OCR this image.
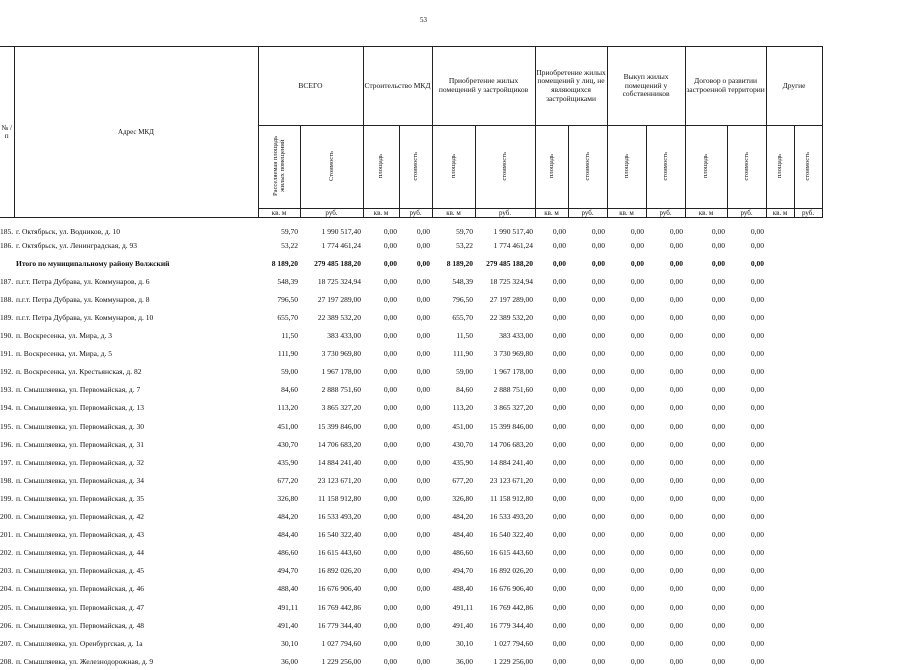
53
№ /п	Адрес МКД	ВСЕГО		Строительство МКД		Приобретение жилых помещений у застройщиков		Приобретение жилых помещений у лиц, не являющихся застройщиками		Выкуп жилых помещений у собственников		Договор о развитии застроенной территории		Другие	
		Расселяемая площадь жилых помещений	Стоимость	площадь	стоимость	площадь	стоимость	площадь	стоимость	площадь	стоимость	площадь	стоимость	площадь	стоимость
		кв. м	руб.	кв. м	руб.	кв. м	руб.	кв. м	руб.	кв. м	руб.	кв. м	руб.	кв. м	руб.
185.	г. Октябрьск, ул. Водников, д. 10	59,70	1 990 517,40	0,00	0,00	59,70	1 990 517,40	0,00	0,00	0,00	0,00	0,00	0,00		
186.	г. Октябрьск, ул. Ленинградская, д. 93	53,22	1 774 461,24	0,00	0,00	53,22	1 774 461,24	0,00	0,00	0,00	0,00	0,00	0,00		
	Итого по муниципальному району Волжский	8 189,20	279 485 188,20	0,00	0,00	8 189,20	279 485 188,20	0,00	0,00	0,00	0,00	0,00	0,00		
187.	п.г.т. Петра Дубрава, ул. Коммунаров, д. 6	548,39	18 725 324,94	0,00	0,00	548,39	18 725 324,94	0,00	0,00	0,00	0,00	0,00	0,00		
188.	п.г.т. Петра Дубрава, ул. Коммунаров, д. 8	796,50	27 197 289,00	0,00	0,00	796,50	27 197 289,00	0,00	0,00	0,00	0,00	0,00	0,00		
189.	п.г.т. Петра Дубрава, ул. Коммунаров, д. 10	655,70	22 389 532,20	0,00	0,00	655,70	22 389 532,20	0,00	0,00	0,00	0,00	0,00	0,00		
190.	п. Воскресенка, ул. Мира, д. 3	11,50	383 433,00	0,00	0,00	11,50	383 433,00	0,00	0,00	0,00	0,00	0,00	0,00		
191.	п. Воскресенка, ул. Мира, д. 5	111,90	3 730 969,80	0,00	0,00	111,90	3 730 969,80	0,00	0,00	0,00	0,00	0,00	0,00		
192.	п. Воскресенка, ул. Крестьянская, д. 82	59,00	1 967 178,00	0,00	0,00	59,00	1 967 178,00	0,00	0,00	0,00	0,00	0,00	0,00		
193.	п. Смышляевка, ул. Первомайская, д. 7	84,60	2 888 751,60	0,00	0,00	84,60	2 888 751,60	0,00	0,00	0,00	0,00	0,00	0,00		
194.	п. Смышляевка, ул. Первомайская, д. 13	113,20	3 865 327,20	0,00	0,00	113,20	3 865 327,20	0,00	0,00	0,00	0,00	0,00	0,00		
195.	п. Смышляевка, ул. Первомайская, д. 30	451,00	15 399 846,00	0,00	0,00	451,00	15 399 846,00	0,00	0,00	0,00	0,00	0,00	0,00		
196.	п. Смышляевка, ул. Первомайская, д. 31	430,70	14 706 683,20	0,00	0,00	430,70	14 706 683,20	0,00	0,00	0,00	0,00	0,00	0,00		
197.	п. Смышляевка, ул. Первомайская, д. 32	435,90	14 884 241,40	0,00	0,00	435,90	14 884 241,40	0,00	0,00	0,00	0,00	0,00	0,00		
198.	п. Смышляевка, ул. Первомайская, д. 34	677,20	23 123 671,20	0,00	0,00	677,20	23 123 671,20	0,00	0,00	0,00	0,00	0,00	0,00		
199.	п. Смышляевка, ул. Первомайская, д. 35	326,80	11 158 912,80	0,00	0,00	326,80	11 158 912,80	0,00	0,00	0,00	0,00	0,00	0,00		
200.	п. Смышляевка, ул. Первомайская, д. 42	484,20	16 533 493,20	0,00	0,00	484,20	16 533 493,20	0,00	0,00	0,00	0,00	0,00	0,00		
201.	п. Смышляевка, ул. Первомайская, д. 43	484,40	16 540 322,40	0,00	0,00	484,40	16 540 322,40	0,00	0,00	0,00	0,00	0,00	0,00		
202.	п. Смышляевка, ул. Первомайская, д. 44	486,60	16 615 443,60	0,00	0,00	486,60	16 615 443,60	0,00	0,00	0,00	0,00	0,00	0,00		
203.	п. Смышляевка, ул. Первомайская, д. 45	494,70	16 892 026,20	0,00	0,00	494,70	16 892 026,20	0,00	0,00	0,00	0,00	0,00	0,00		
204.	п. Смышляевка, ул. Первомайская, д. 46	488,40	16 676 906,40	0,00	0,00	488,40	16 676 906,40	0,00	0,00	0,00	0,00	0,00	0,00		
205.	п. Смышляевка, ул. Первомайская, д. 47	491,11	16 769 442,86	0,00	0,00	491,11	16 769 442,86	0,00	0,00	0,00	0,00	0,00	0,00		
206.	п. Смышляевка, ул. Первомайская, д. 48	491,40	16 779 344,40	0,00	0,00	491,40	16 779 344,40	0,00	0,00	0,00	0,00	0,00	0,00		
207.	п. Смышляевка, ул. Оренбургская, д. 1а	30,10	1 027 794,60	0,00	0,00	30,10	1 027 794,60	0,00	0,00	0,00	0,00	0,00	0,00		
208.	п. Смышляевка, ул. Железнодорожная, д. 9	36,00	1 229 256,00	0,00	0,00	36,00	1 229 256,00	0,00	0,00	0,00	0,00	0,00	0,00		
